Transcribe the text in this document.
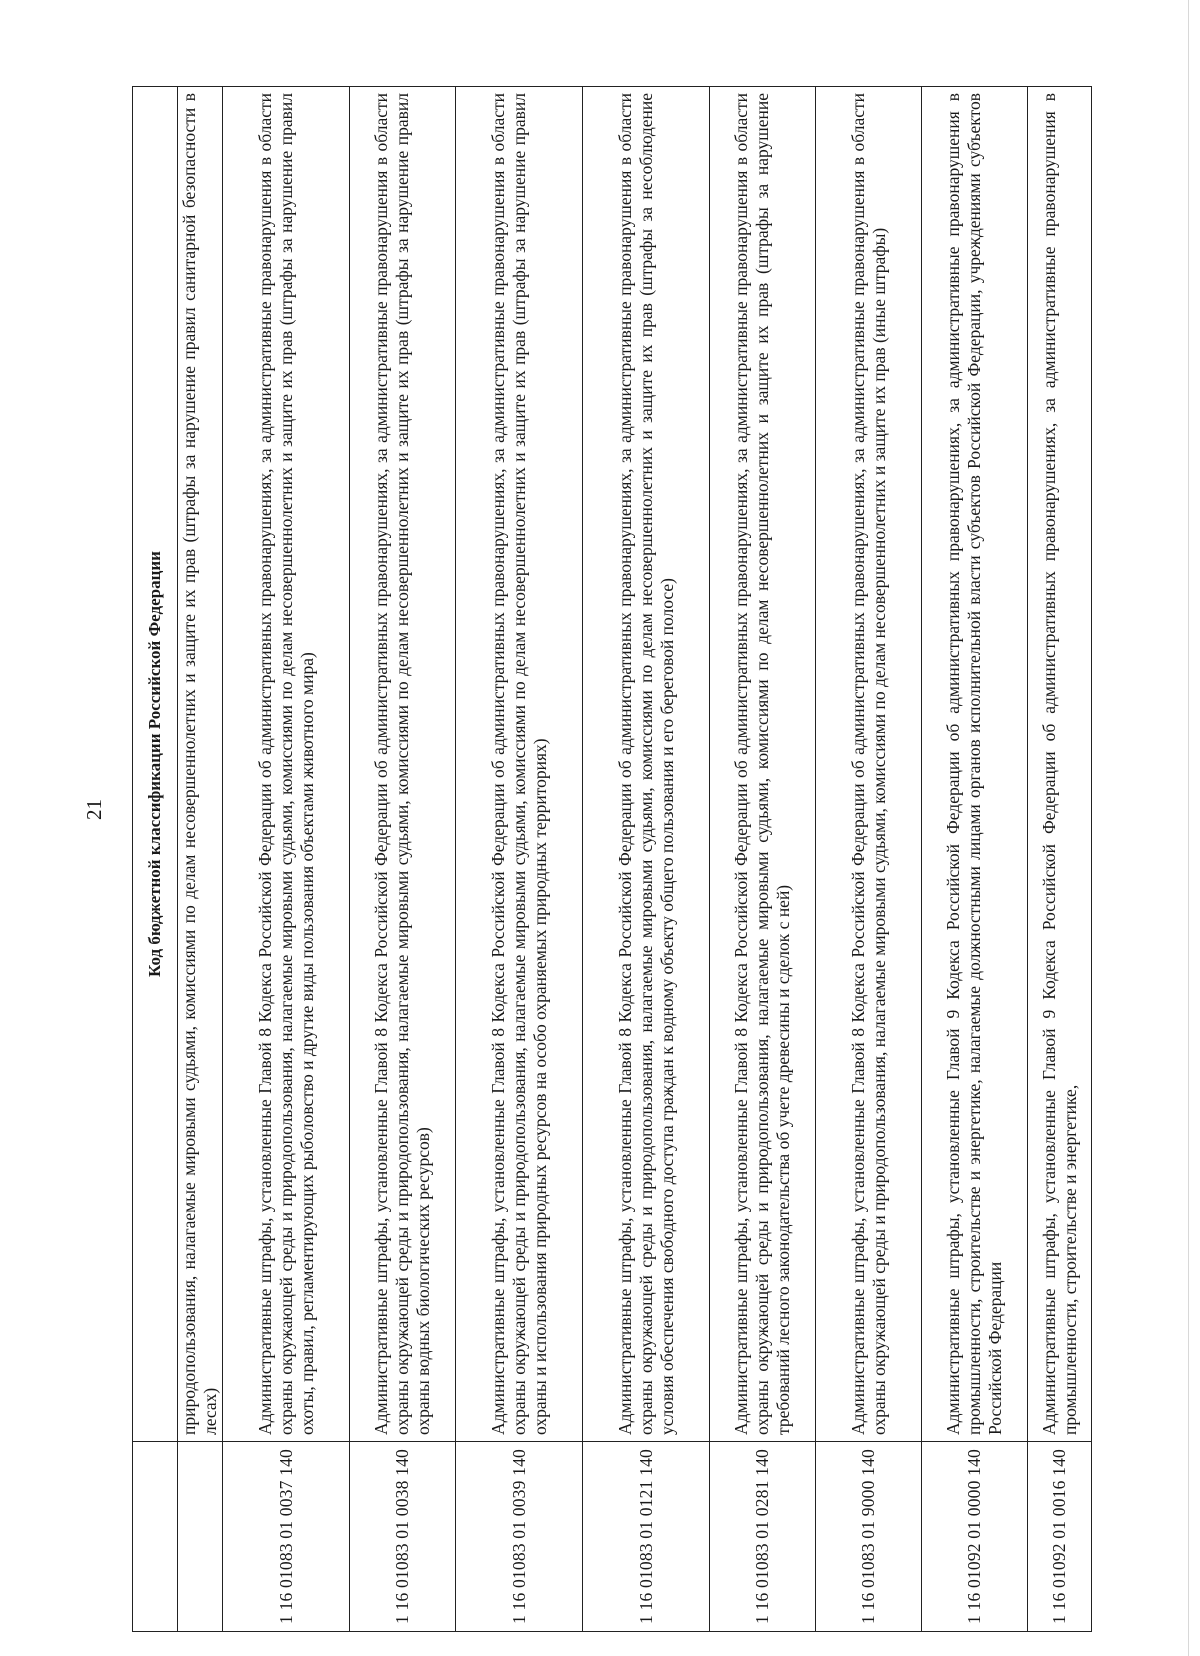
21
	Код бюджетной классификации Российской Федерации
	природопользования, налагаемые мировыми судьями, комиссиями по делам несовершеннолетних и защите их прав (штрафы за нарушение правил санитарной безопасности в лесах)
1 16 01083 01 0037 140	Административные штрафы, установленные Главой 8 Кодекса Российской Федерации об административных правонарушениях, за административные правонарушения в области охраны окружающей среды и природопользования, налагаемые мировыми судьями, комиссиями по делам несовершеннолетних и защите их прав (штрафы за нарушение правил охоты, правил, регламентирующих рыболовство и другие виды пользования объектами животного мира)
1 16 01083 01 0038 140	Административные штрафы, установленные Главой 8 Кодекса Российской Федерации об административных правонарушениях, за административные правонарушения в области охраны окружающей среды и природопользования, налагаемые мировыми судьями, комиссиями по делам несовершеннолетних и защите их прав (штрафы за нарушение правил охраны водных биологических ресурсов)
1 16 01083 01 0039 140	Административные штрафы, установленные Главой 8 Кодекса Российской Федерации об административных правонарушениях, за административные правонарушения в области охраны окружающей среды и природопользования, налагаемые мировыми судьями, комиссиями по делам несовершеннолетних и защите их прав (штрафы за нарушение правил охраны и использования природных ресурсов на особо охраняемых природных территориях)
1 16 01083 01 0121 140	Административные штрафы, установленные Главой 8 Кодекса Российской Федерации об административных правонарушениях, за административные правонарушения в области охраны окружающей среды и природопользования, налагаемые мировыми судьями, комиссиями по делам несовершеннолетних и защите их прав (штрафы за несоблюдение условия обеспечения свободного доступа граждан к водному объекту общего пользования и его береговой полосе)
1 16 01083 01 0281 140	Административные штрафы, установленные Главой 8 Кодекса Российской Федерации об административных правонарушениях, за административные правонарушения в области охраны окружающей среды и природопользования, налагаемые мировыми судьями, комиссиями по делам несовершеннолетних и защите их прав (штрафы за нарушение требований лесного законодательства об учете древесины и сделок с ней)
1 16 01083 01 9000 140	Административные штрафы, установленные Главой 8 Кодекса Российской Федерации об административных правонарушениях, за административные правонарушения в области охраны окружающей среды и природопользования, налагаемые мировыми судьями, комиссиями по делам несовершеннолетних и защите их прав (иные штрафы)
1 16 01092 01 0000 140	Административные штрафы, установленные Главой 9 Кодекса Российской Федерации об административных правонарушениях, за административные правонарушения в промышленности, строительстве и энергетике, налагаемые должностными лицами органов исполнительной власти субъектов Российской Федерации, учреждениями субъектов Российской Федерации
1 16 01092 01 0016 140	Административные штрафы, установленные Главой 9 Кодекса Российской Федерации об административных правонарушениях, за административные правонарушения в промышленности, строительстве и энергетике,
